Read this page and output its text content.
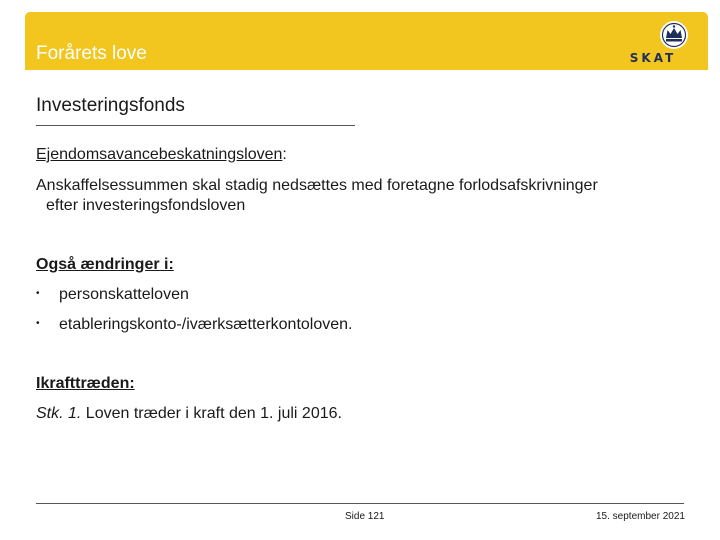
Forårets love	SKAT
Investeringsfonds
Ejendomsavancebeskatningsloven:
Anskaffelsessummen skal stadig nedsættes med foretagne forlodsafskrivninger
efter investeringsfondsloven
Også ændringer i:
• personskatteloven
• etableringskonto-/iværksætterkontoloven.
Ikrafttræden:
Stk. 1. Loven træder i kraft den 1. juli 2016.
Side 121	15. september 2021
